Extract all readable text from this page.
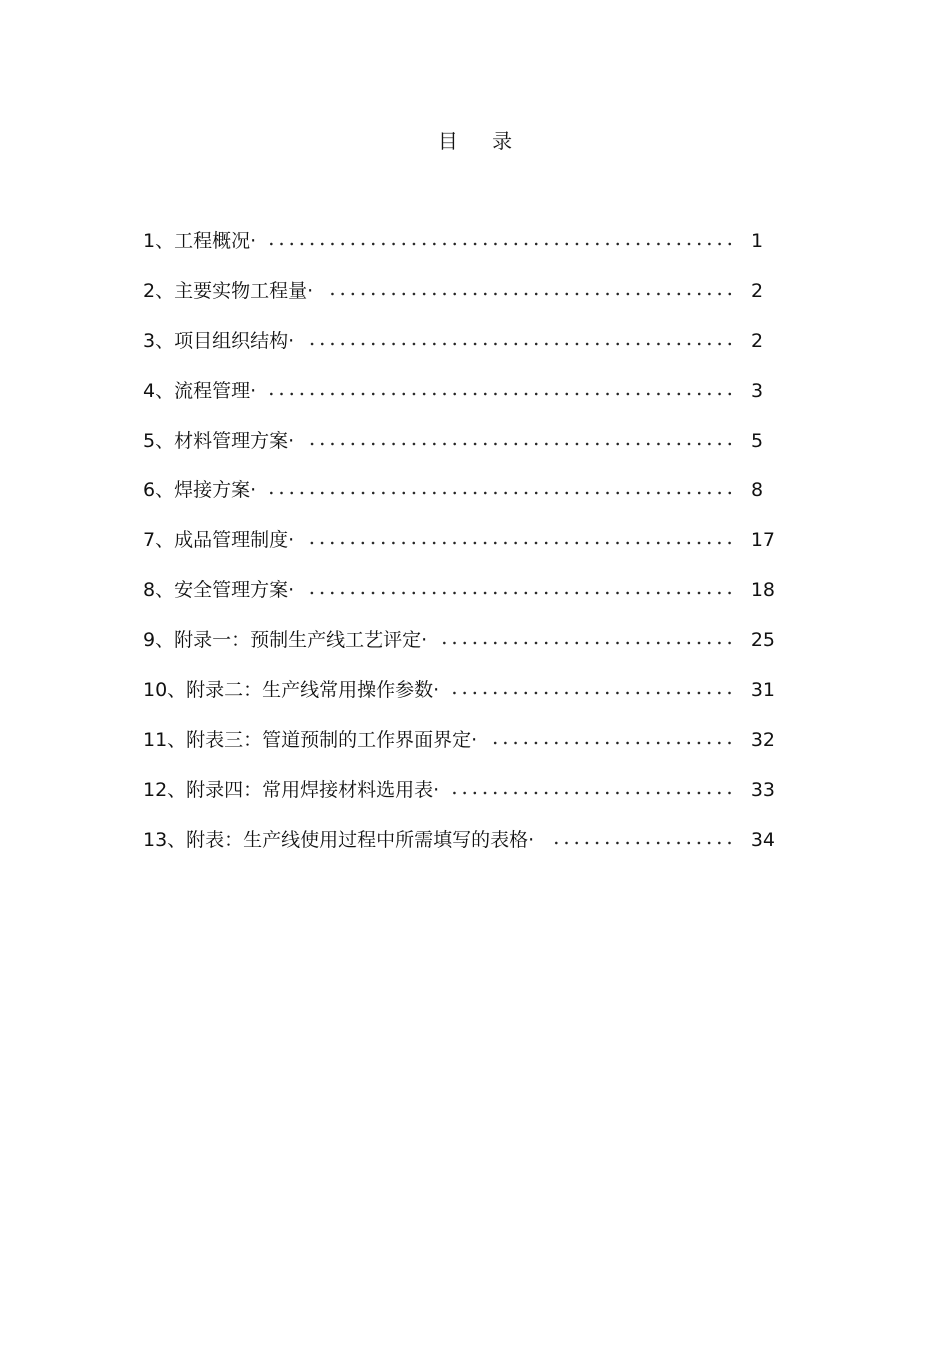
目 录
1、工程概况·	1
2、主要实物工程量·	2
3、项目组织结构·	2
4、流程管理·	3
5、材料管理方案·	5
6、焊接方案·	8
7、成品管理制度·	17
8、安全管理方案·	18
9、附录一：预制生产线工艺评定·	25
10、附录二：生产线常用操作参数·	31
11、附表三：管道预制的工作界面界定·	32
12、附录四：常用焊接材料选用表·	33
13、附表：生产线使用过程中所需填写的表格·	34
